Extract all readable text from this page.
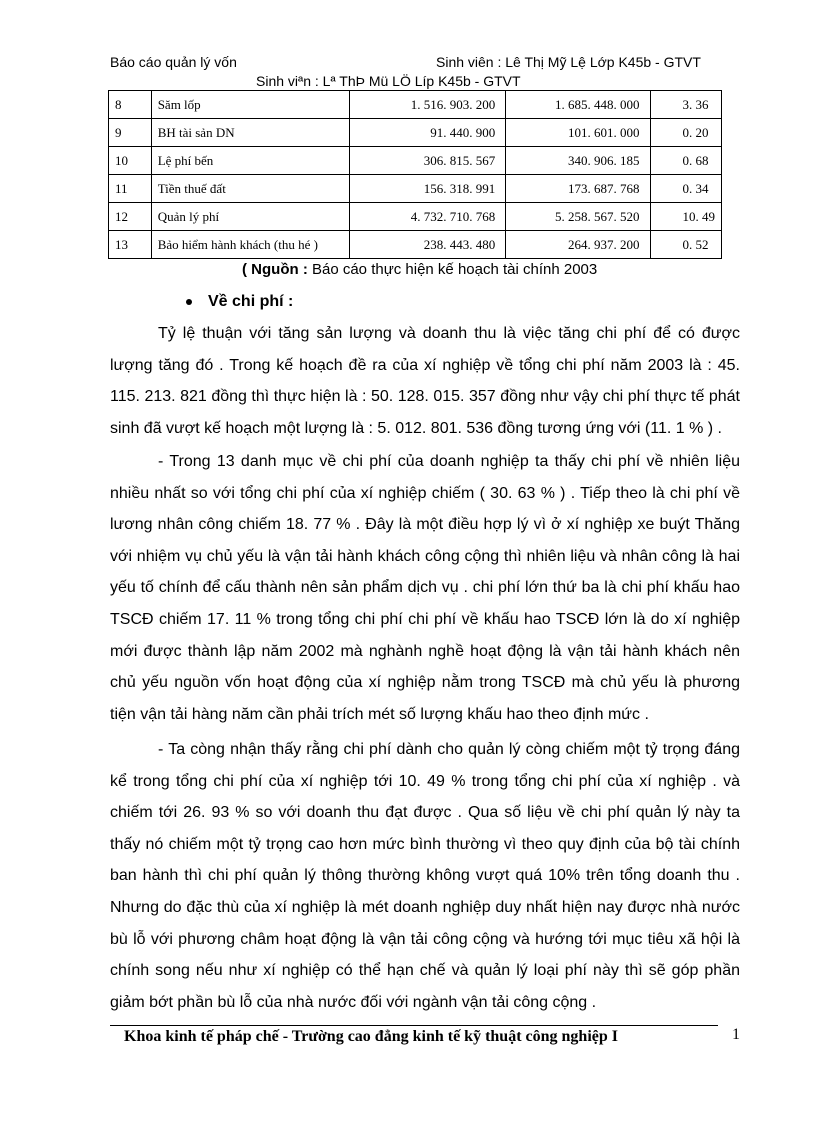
Báo cáo quản lý vốn	Sinh viên : Lê Thị Mỹ Lệ Lớp K45b - GTVT
Sinh viªn : Lª ThÞ Mü LÖ Líp K45b - GTVT
8	Săm lốp	1. 516. 903. 200	1. 685. 448. 000	3. 36
9	BH tài sản DN	91. 440. 900	101. 601. 000	0. 20
10	Lệ phí bến	306. 815. 567	340. 906. 185	0. 68
11	Tiền thuế đất	156. 318. 991	173. 687. 768	0. 34
12	Quản lý phí	4. 732. 710. 768	5. 258. 567. 520	10. 49
13	Bảo hiểm hành khách (thu hé )	238. 443. 480	264. 937. 200	0. 52
( Nguồn : Báo cáo thực hiện kế hoạch tài chính 2003
Về chi phí :
Tỷ lệ thuận với tăng sản lượng và doanh thu là việc tăng chi phí để có được lượng tăng đó . Trong kế hoạch đề ra của xí nghiệp về tổng chi phí năm 2003 là : 45. 115. 213. 821 đồng thì thực hiện là : 50. 128. 015. 357 đồng như vậy chi phí thực tế phát sinh đã vượt kế hoạch một lượng là : 5. 012. 801. 536 đồng tương ứng với (11. 1 % ) .
- Trong 13 danh mục về chi phí của doanh nghiệp ta thấy chi phí về nhiên liệu nhiều nhất so với tổng chi phí của xí nghiệp chiếm ( 30. 63 % ) . Tiếp theo là chi phí về lương nhân công chiếm 18. 77 % . Đây là một điều hợp lý vì ở xí nghiệp xe buýt Thăng với nhiệm vụ chủ yếu là vận tải hành khách công cộng thì nhiên liệu và nhân công là hai yếu tố chính để cấu thành nên sản phẩm dịch vụ . chi phí lớn thứ ba là chi phí khấu hao TSCĐ chiếm 17. 11 % trong tổng chi phí chi phí về khấu hao TSCĐ lớn là do xí nghiệp mới được thành lập năm 2002 mà nghành nghề hoạt động là vận tải hành khách nên chủ yếu nguồn vốn hoạt động của xí nghiệp nằm trong TSCĐ mà chủ yếu là phương tiện vận tải hàng năm cần phải trích mét số lượng khấu hao theo định mức .
- Ta còng nhận thấy rằng chi phí dành cho quản lý còng chiếm một tỷ trọng đáng kể trong tổng chi phí của xí nghiệp tới 10. 49 % trong tổng chi phí của xí nghiệp . và chiếm tới 26. 93 % so với doanh thu đạt được . Qua số liệu về chi phí quản lý này ta thấy nó chiếm một tỷ trọng cao hơn mức bình thường vì theo quy định của bộ tài chính ban hành thì chi phí quản lý thông thường không vượt quá 10% trên tổng doanh thu . Nhưng do đặc thù của xí nghiệp là mét doanh nghiệp duy nhất hiện nay được nhà nước bù lỗ với phương châm hoạt động là vận tải công cộng và hướng tới mục tiêu xã hội là chính song nếu như xí nghiệp có thể hạn chế và quản lý loại phí này thì sẽ góp phần giảm bớt phần bù lỗ của nhà nước đối với ngành vận tải công cộng .
Khoa kinh tế pháp chế - Trường cao đẳng kinh tế kỹ thuật công nghiệp I	1
